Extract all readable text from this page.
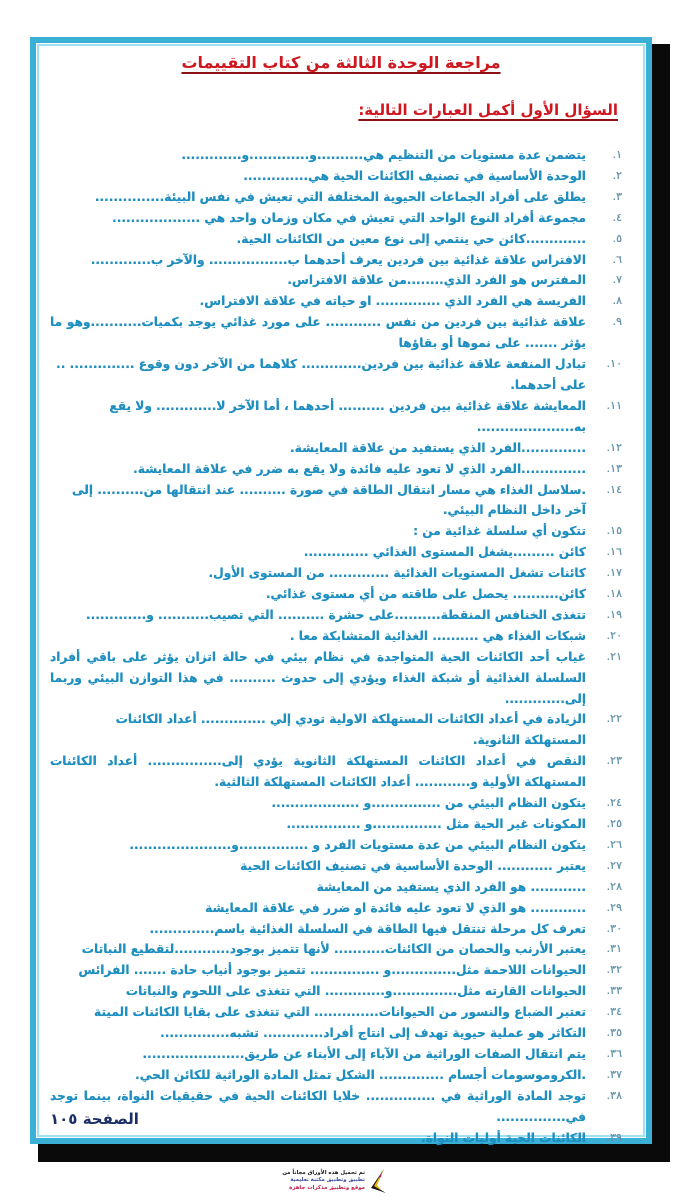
مراجعة الوحدة الثالثة من كتاب التقييمات
السؤال الأول أكمل العبارات التالية:
١.
يتضمن عدة مستويات من التنظيم هي..........و.............و.............
٢.
الوحدة الأساسية في تصنيف الكائنات الحية هي..............
٣.
يطلق على أفراد الجماعات الحيوية المختلفة التي تعيش في نفس البيئة...............
٤.
مجموعة أفراد النوع الواحد التي تعيش في مكان وزمان واحد هي ...................
٥.
.............كائن حي ينتمي إلى نوع معين من الكائنات الحية.
٦.
الافتراس علاقة غذائية بين فردين يعرف أحدهما ب................. والآخر ب.............
٧.
المفترس هو الفرد الذي........من علاقة الافتراس.
٨.
الفريسة هي الفرد الذي .............. او حياته في علاقة الافتراس.
٩.
علاقة غذائية بين فردين من نفس ............ على مورد غذائي يوجد بكميات...........وهو ما يؤثر ....... على نموها أو بقاؤها
١٠.
تبادل المنفعة علاقة غذائية بين فردين............. كلاهما من الآخر دون وقوع .............. .. على أحدهما.
١١.
المعايشة علاقة غذائية بين فردين .......... أحدهما ، أما الآخر لا............. ولا يقع به.....................
١٢.
..............الفرد الذي يستفيد من علاقة المعايشة.
١٣.
..............الفرد الذي لا تعود عليه فائدة ولا يقع به ضرر في علاقة المعايشة.
١٤.
.سلاسل الغذاء هي مسار انتقال الطاقة في صورة .......... عند انتقالها من.......... إلى آخر داخل النظام البيئي.
١٥.
تتكون أي سلسلة غذائية من :
١٦.
كائن .........يشغل المستوى الغذائي ..............
١٧.
كائنات تشغل المستويات الغذائية ............. من المستوى الأول.
١٨.
كائن.......... يحصل على طاقته من أي مستوى غذائي.
١٩.
تتغذى الخنافس المنقطة..........على حشرة .......... التي تصيب........... و.............
٢٠.
شبكات الغذاء هي .......... الغذائية المتشابكة معا .
٢١.
غياب أحد الكائنات الحية المتواجدة في نظام بيئي في حالة اتزان يؤثر على باقي أفراد السلسلة الغذائية أو شبكة الغذاء ويؤدي إلى حدوث .......... في هذا التوازن البيئي وربما إلى.............
٢٢.
الزيادة في أعداد الكائنات المستهلكة الاولية تودي إلي .............. أعداد الكائنات المستهلكة الثانوية.
٢٣.
النقص في أعداد الكائنات المستهلكة الثانوية يؤدي إلى................ أعداد الكائنات المستهلكة الأولية و............ أعداد الكائنات المستهلكة الثالثية.
٢٤.
يتكون النظام البيئي من ...............و ...................
٢٥.
المكونات غير الحية مثل ...............و ................
٢٦.
يتكون النظام البيئي من عدة مستويات الفرد و ...............و......................
٢٧.
يعتبر ............ الوحدة الأساسية في تصنيف الكائنات الحية
٢٨.
............ هو الفرد الذي يستفيد من المعايشة
٢٩.
............ هو الذي لا تعود عليه فائدة او ضرر في علاقة المعايشة
٣٠.
تعرف كل مرحلة تنتقل فيها الطاقة في السلسلة الغذائية باسم..............
٣١.
يعتبر الأرنب والحصان من الكائنات........... لأنها تتميز بوجود............لتقطيع النباتات
٣٢.
الحيوانات اللاحمة مثل..............و ............... تتميز بوجود أنياب حادة ....... الفرائس
٣٣.
الحيوانات القارته مثل..............و............. التي تتغذى على اللحوم والنباتات
٣٤.
تعتبر الضباع والنسور من الحيوانات.............. التي تتغذى على بقايا الكائنات الميتة
٣٥.
التكاثر هو عملية حيوية تهدف إلى انتاج أفراد............. تشبه...............
٣٦.
يتم انتقال الصفات الوراثية من الآباء إلى الأبناء عن طريق......................
٣٧.
.الكروموسومات أجسام .............. الشكل تمثل المادة الوراثية للكائن الحي.
٣٨.
توجد المادة الوراثية في ............... خلايا الكائنات الحية في حقيقيات النواة، بينما توجد في...............
٣٩.
الكائنات الحية أوليات النواة.
الصفحة ١٠٥
تم تحميل هذه الأوراق مجاناً من
تطبيق وتطبيق مكتبة تعليمية
موقع وتطبيق مذكرات جاهزة
